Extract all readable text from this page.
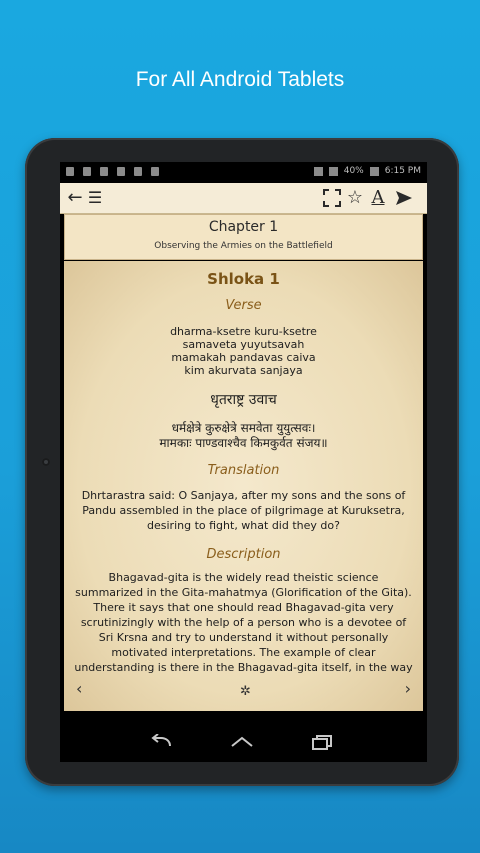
For All Android Tablets
40% 6:15 PM
← ☰	☆ A
Chapter 1
Observing the Armies on the Battlefield
Shloka 1
Verse
dharma-ksetre kuru-ksetre
samaveta yuyutsavah
mamakah pandavas caiva
kim akurvata sanjaya
धृतराष्ट्र उवाच
धर्मक्षेत्रे कुरुक्षेत्रे समवेता युयुत्सवः।
मामकाः पाण्डवाश्चैव किमकुर्वत संजय॥
Translation
Dhrtarastra said: O Sanjaya, after my sons and the sons of Pandu assembled in the place of pilgrimage at Kuruksetra, desiring to fight, what did they do?
Description
Bhagavad-gita is the widely read theistic science summarized in the Gita-mahatmya (Glorification of the Gita). There it says that one should read Bhagavad-gita very scrutinizingly with the help of a person who is a devotee of Sri Krsna and try to understand it without personally motivated interpretations. The example of clear understanding is there in the Bhagavad-gita itself, in the way
‹	✲	›
